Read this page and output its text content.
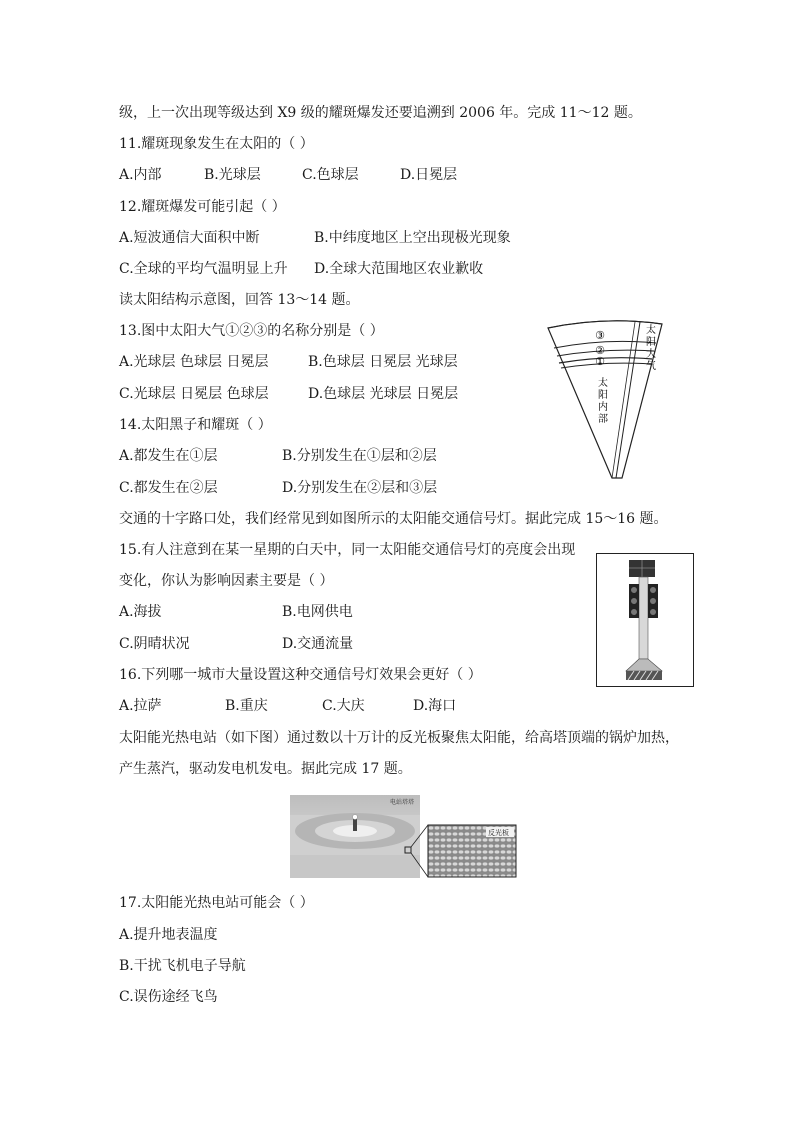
级，上一次出现等级达到 X9 级的耀斑爆发还要追溯到 2006 年。完成 11～12 题。
11.耀斑现象发生在太阳的（ ）
A.内部	B.光球层	C.色球层	D.日冕层
12.耀斑爆发可能引起（ ）
A.短波通信大面积中断	B.中纬度地区上空出现极光现象
C.全球的平均气温明显上升 D.全球大范围地区农业歉收
读太阳结构示意图，回答 13～14 题。
13.图中太阳大气①②③的名称分别是（ ）
A.光球层 色球层 日冕层	B.色球层 日冕层 光球层
C.光球层 日冕层 色球层	D.色球层 光球层 日冕层
14.太阳黑子和耀斑（ ）
A.都发生在①层	B.分别发生在①层和②层
C.都发生在②层	D.分别发生在②层和③层
③
②
①
太
阳
大
气
太
阳
内
部
交通的十字路口处，我们经常见到如图所示的太阳能交通信号灯。据此完成 15～16 题。
15.有人注意到在某一星期的白天中，同一太阳能交通信号灯的亮度会出现
变化，你认为影响因素主要是（ ）
A.海拔	B.电网供电
C.阴晴状况	D.交通流量
16.下列哪一城市大量设置这种交通信号灯效果会更好（ ）
A.拉萨	B.重庆	C.大庆	D.海口
太阳能光热电站（如下图）通过数以十万计的反光板聚焦太阳能，给高塔顶端的锅炉加热，
产生蒸汽，驱动发电机发电。据此完成 17 题。
电站塔塔
反光板
17.太阳能光热电站可能会（ ）
A.提升地表温度
B.干扰飞机电子导航
C.误伤途经飞鸟
